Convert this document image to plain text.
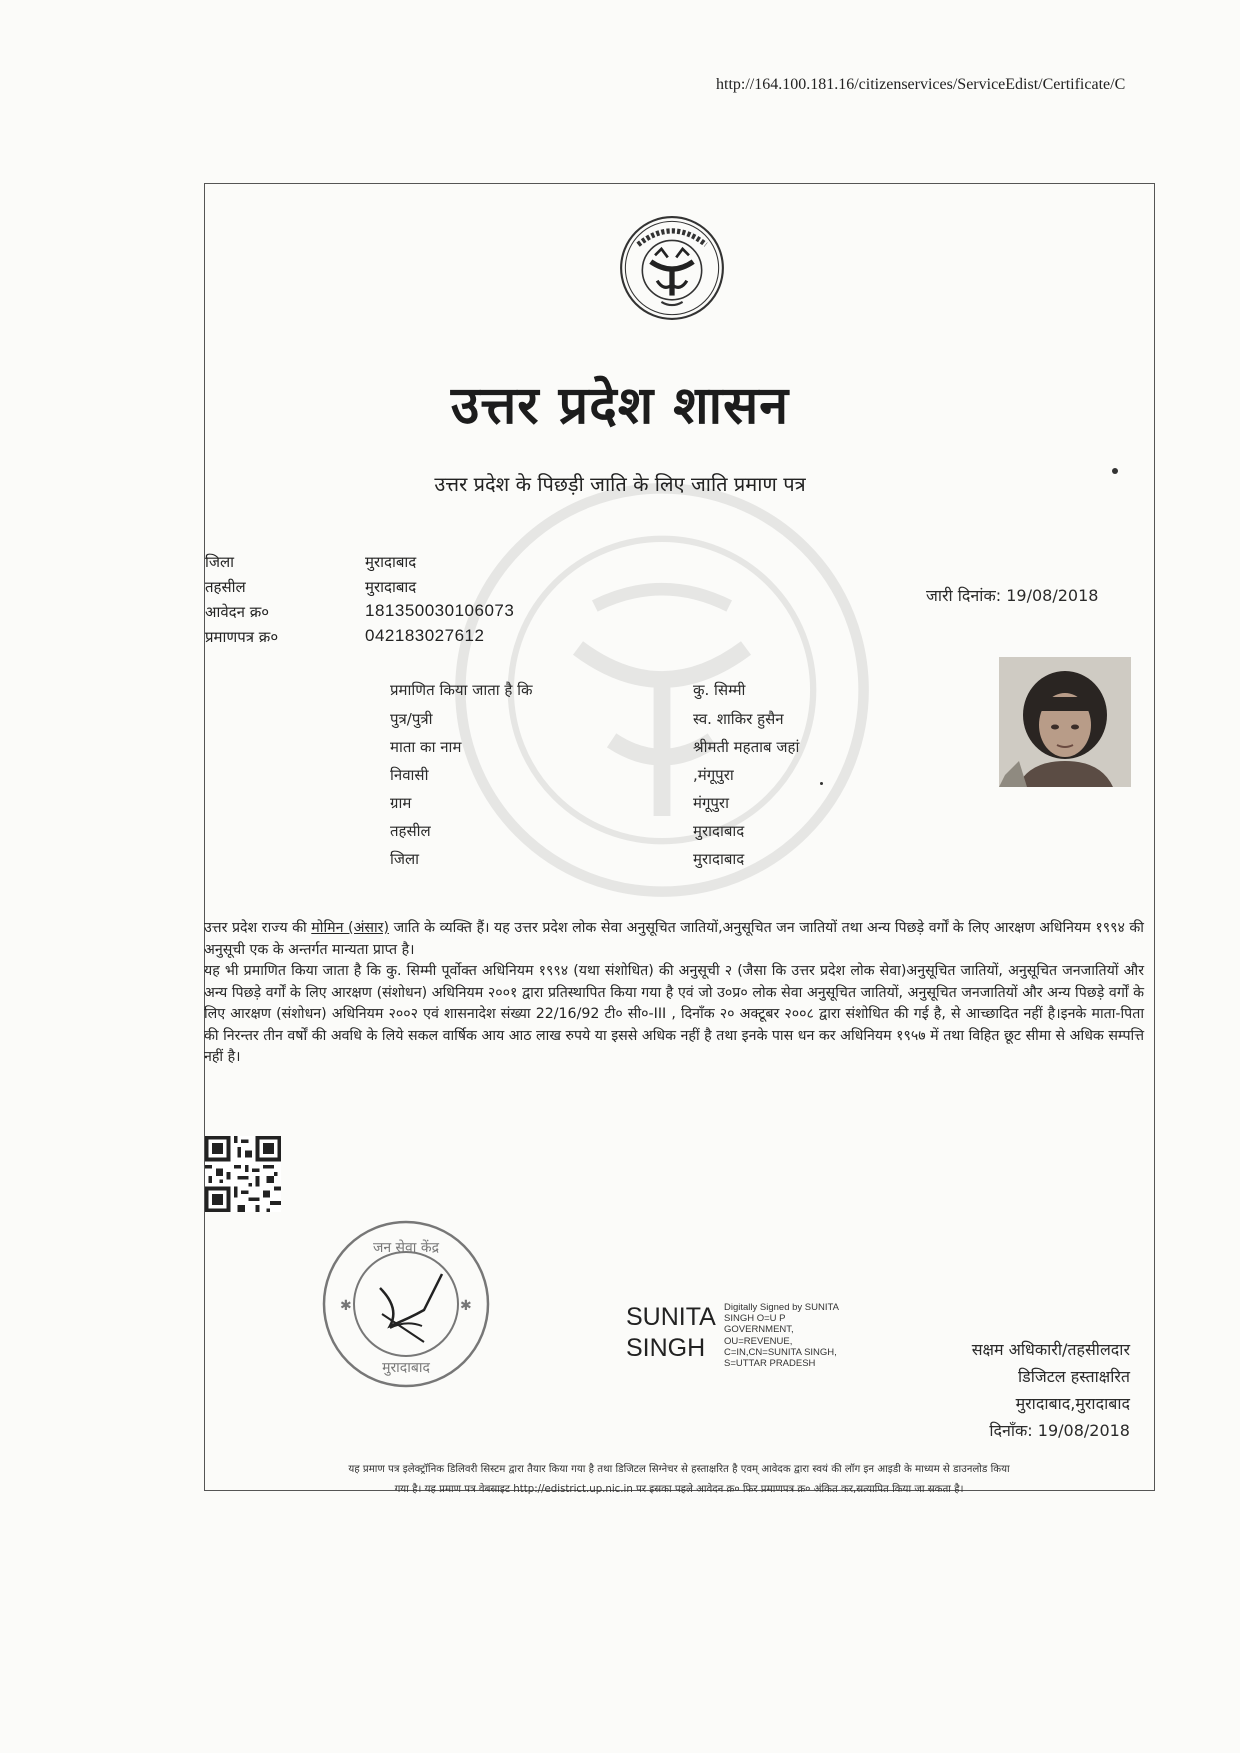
http://164.100.181.16/citizenservices/ServiceEdist/Certificate/C
उत्तर प्रदेश शासन
उत्तर प्रदेश के पिछड़ी जाति के लिए जाति प्रमाण पत्र
जिला	मुरादाबाद
तहसील	मुरादाबाद
आवेदन क्र०	181350030106073
प्रमाणपत्र क्र०	042183027612
जारी दिनांक: 19/08/2018
प्रमाणित किया जाता है कि	कु. सिम्मी
पुत्र/पुत्री	स्व. शाकिर हुसैन
माता का नाम	श्रीमती महताब जहां
निवासी	,मंगूपुरा
ग्राम	मंगूपुरा
तहसील	मुरादाबाद
जिला	मुरादाबाद

उत्तर प्रदेश राज्य की मोमिन (अंसार) जाति के व्यक्ति हैं। यह उत्तर प्रदेश लोक सेवा अनुसूचित जातियों,अनुसूचित जन जातियों तथा अन्य पिछड़े वर्गों के लिए आरक्षण अधिनियम १९९४ की अनुसूची एक के अन्तर्गत मान्यता प्राप्त है।

यह भी प्रमाणित किया जाता है कि कु. सिम्मी पूर्वोक्त अधिनियम १९९४ (यथा संशोधित) की अनुसूची २ (जैसा कि उत्तर प्रदेश लोक सेवा)अनुसूचित जातियों, अनुसूचित जनजातियों और अन्य पिछड़े वर्गों के लिए आरक्षण (संशोधन) अधिनियम २००१ द्वारा प्रतिस्थापित किया गया है एवं जो उ०प्र० लोक सेवा अनुसूचित जातियों, अनुसूचित जनजातियों और अन्य पिछड़े वर्गों के लिए आरक्षण (संशोधन) अधिनियम २००२ एवं शासनादेश संख्या 22/16/92 टी० सी०-III , दिनाँक २० अक्टूबर २००८ द्वारा संशोधित की गई है, से आच्छादित नहीं है।इनके माता-पिता की निरन्तर तीन वर्षों की अवधि के लिये सकल वार्षिक आय आठ लाख रुपये या इससे अधिक नहीं है तथा इनके पास धन कर अधिनियम १९५७ में तथा विहित छूट सीमा से अधिक सम्पत्ति नहीं है।

जन सेवा केंद्र
मुरादाबाद
✱	✱	SUNITA
SINGH
Digitally Signed by SUNITA
SINGH O=U P
GOVERNMENT,
OU=REVENUE,
C=IN,CN=SUNITA SINGH,
S=UTTAR PRADESH
सक्षम अधिकारी/तहसीलदार
डिजिटल हस्ताक्षरित
मुरादाबाद,मुरादाबाद
दिनाँक: 19/08/2018
यह प्रमाण पत्र इलेक्ट्रॉनिक डिलिवरी सिस्टम द्वारा तैयार किया गया है तथा डिजिटल सिग्नेचर से हस्ताक्षरित है एवम् आवेदक द्वारा स्वयं की लॉग इन आइडी के माध्यम से डाउनलोड किया
गया है। यह प्रमाण पत्र वेबसाइट http://edistrict.up.nic.in पर इसका पहले आवेदन क्र० फिर प्रमाणपत्र क्र० अंकित कर,सत्यापित किया जा सकता है।
